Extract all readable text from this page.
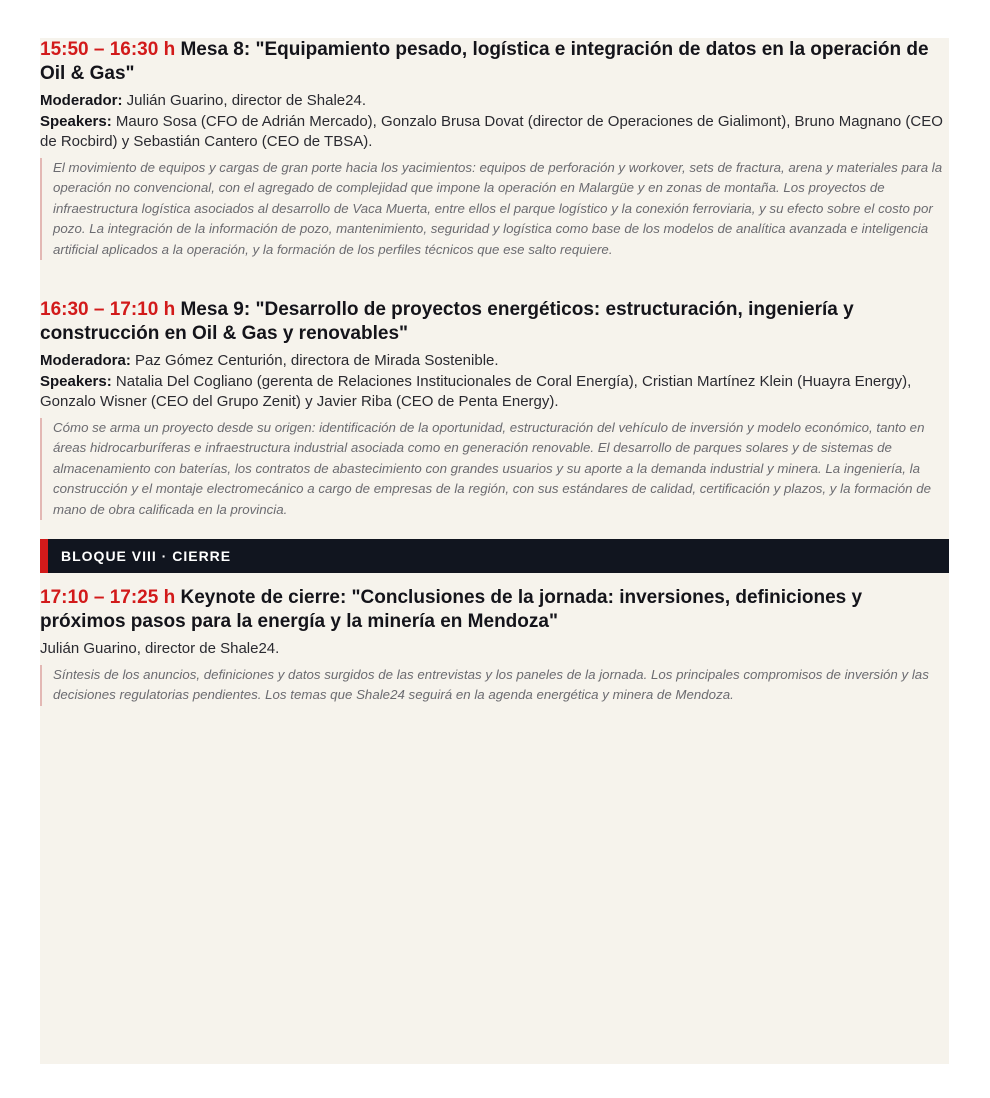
15:50 – 16:30 h Mesa 8: "Equipamiento pesado, logística e integración de datos en la operación de Oil & Gas"

Moderador: Julián Guarino, director de Shale24.

Speakers: Mauro Sosa (CFO de Adrián Mercado), Gonzalo Brusa Dovat (director de Operaciones de Gialimont), Bruno Magnano (CEO de Rocbird) y Sebastián Cantero (CEO de TBSA).

El movimiento de equipos y cargas de gran porte hacia los yacimientos: equipos de perforación y workover, sets de fractura, arena y materiales para la operación no convencional, con el agregado de complejidad que impone la operación en Malargüe y en zonas de montaña. Los proyectos de infraestructura logística asociados al desarrollo de Vaca Muerta, entre ellos el parque logístico y la conexión ferroviaria, y su efecto sobre el costo por pozo. La integración de la información de pozo, mantenimiento, seguridad y logística como base de los modelos de analítica avanzada e inteligencia artificial aplicados a la operación, y la formación de los perfiles técnicos que ese salto requiere.

16:30 – 17:10 h Mesa 9: "Desarrollo de proyectos energéticos: estructuración, ingeniería y construcción en Oil & Gas y renovables"

Moderadora: Paz Gómez Centurión, directora de Mirada Sostenible.

Speakers: Natalia Del Cogliano (gerenta de Relaciones Institucionales de Coral Energía), Cristian Martínez Klein (Huayra Energy), Gonzalo Wisner (CEO del Grupo Zenit) y Javier Riba (CEO de Penta Energy).

Cómo se arma un proyecto desde su origen: identificación de la oportunidad, estructuración del vehículo de inversión y modelo económico, tanto en áreas hidrocarburíferas e infraestructura industrial asociada como en generación renovable. El desarrollo de parques solares y de sistemas de almacenamiento con baterías, los contratos de abastecimiento con grandes usuarios y su aporte a la demanda industrial y minera. La ingeniería, la construcción y el montaje electromecánico a cargo de empresas de la región, con sus estándares de calidad, certificación y plazos, y la formación de mano de obra calificada en la provincia.

BLOQUE VIII · CIERRE

17:10 – 17:25 h Keynote de cierre: "Conclusiones de la jornada: inversiones, definiciones y próximos pasos para la energía y la minería en Mendoza"

Julián Guarino, director de Shale24.

Síntesis de los anuncios, definiciones y datos surgidos de las entrevistas y los paneles de la jornada. Los principales compromisos de inversión y las decisiones regulatorias pendientes. Los temas que Shale24 seguirá en la agenda energética y minera de Mendoza.
